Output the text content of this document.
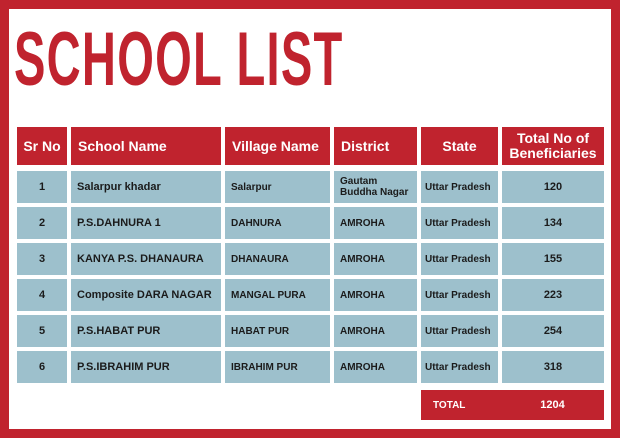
SCHOOL LIST
Sr No	School Name	Village Name	District	State	Total No of Beneficiaries
1	Salarpur khadar	Salarpur	Gautam Buddha Nagar	Uttar Pradesh	120
2	P.S.DAHNURA 1	DAHNURA	AMROHA	Uttar Pradesh	134
3	KANYA P.S. DHANAURA	DHANAURA	AMROHA	Uttar Pradesh	155
4	Composite DARA NAGAR	MANGAL PURA	AMROHA	Uttar Pradesh	223
5	P.S.HABAT PUR	HABAT PUR	AMROHA	Uttar Pradesh	254
6	P.S.IBRAHIM PUR	IBRAHIM PUR	AMROHA	Uttar Pradesh	318
TOTAL	1204
